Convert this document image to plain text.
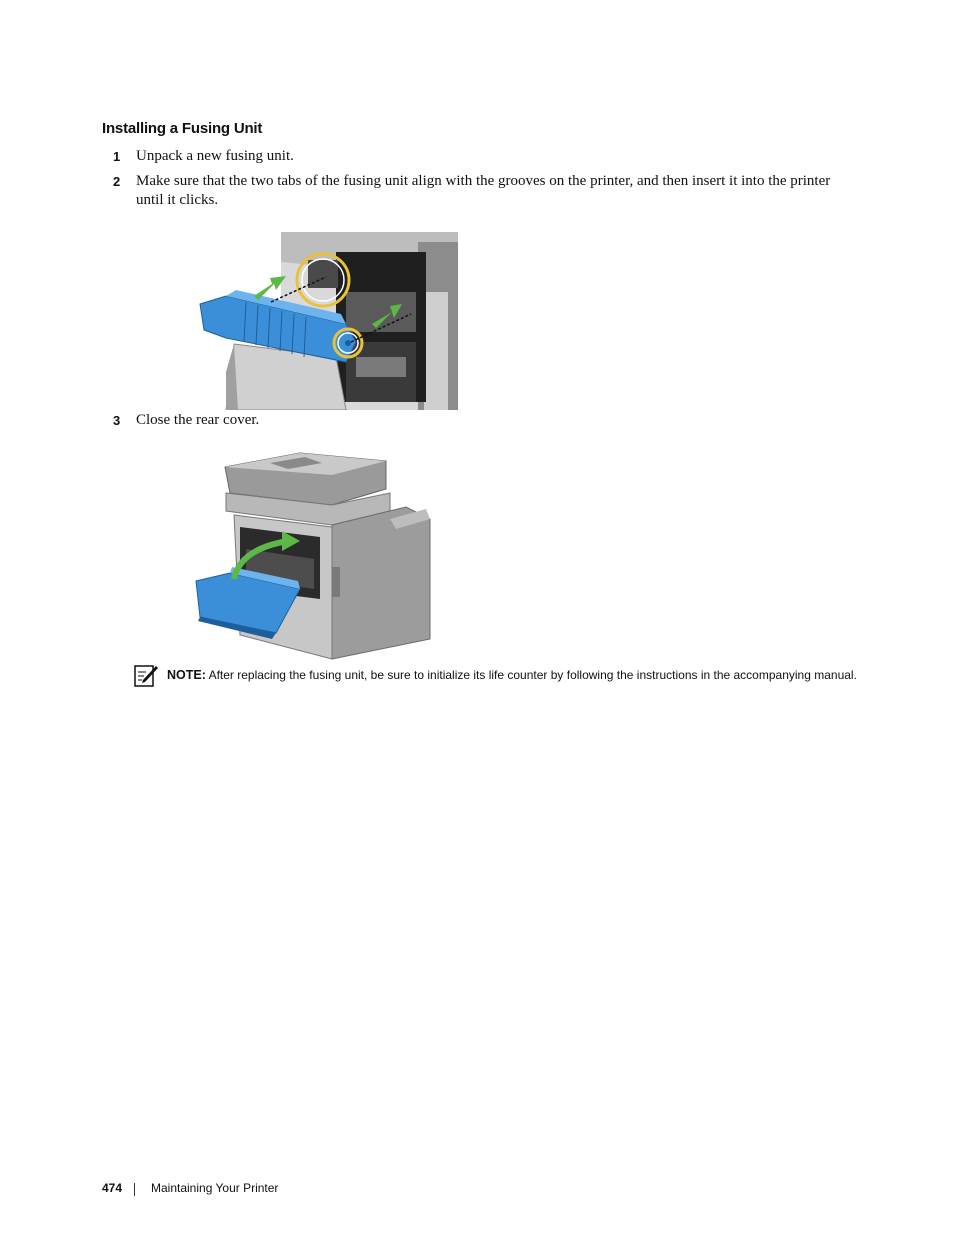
Installing a Fusing Unit
1 Unpack a new fusing unit.
2 Make sure that the two tabs of the fusing unit align with the grooves on the printer, and then insert it into the printer until it clicks.
3 Close the rear cover.
NOTE: After replacing the fusing unit, be sure to initialize its life counter by following the instructions in the accompanying manual.
474 Maintaining Your Printer
